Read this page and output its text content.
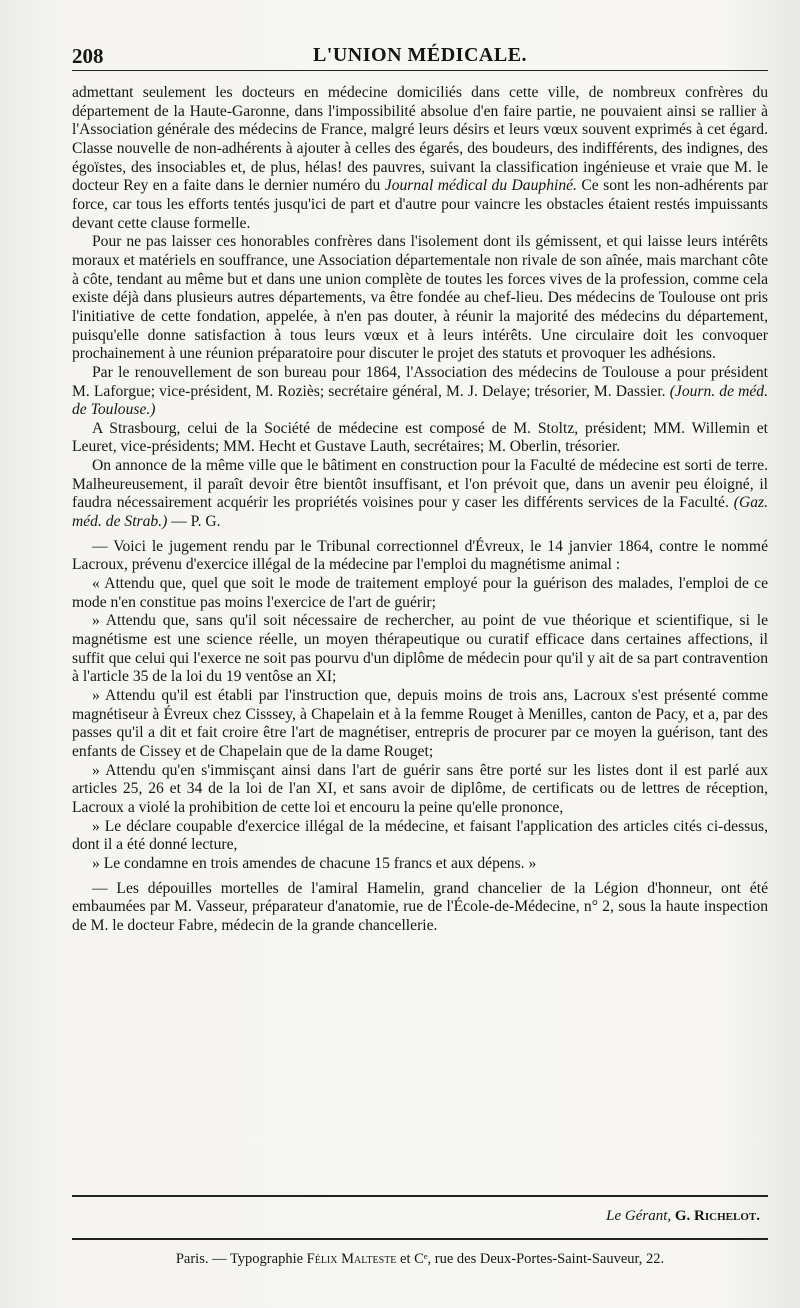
208	L'UNION MÉDICALE.

admettant seulement les docteurs en médecine domiciliés dans cette ville, de nombreux confrères du département de la Haute-Garonne, dans l'impossibilité absolue d'en faire partie, ne pouvaient ainsi se rallier à l'Association générale des médecins de France, malgré leurs désirs et leurs vœux souvent exprimés à cet égard. Classe nouvelle de non-adhérents à ajouter à celles des égarés, des boudeurs, des indifférents, des indignes, des égoïstes, des insociables et, de plus, hélas! des pauvres, suivant la classification ingénieuse et vraie que M. le docteur Rey en a faite dans le dernier numéro du Journal médical du Dauphiné. Ce sont les non-adhérents par force, car tous les efforts tentés jusqu'ici de part et d'autre pour vaincre les obstacles étaient restés impuissants devant cette clause formelle.

Pour ne pas laisser ces honorables confrères dans l'isolement dont ils gémissent, et qui laisse leurs intérêts moraux et matériels en souffrance, une Association départementale non rivale de son aînée, mais marchant côte à côte, tendant au même but et dans une union complète de toutes les forces vives de la profession, comme cela existe déjà dans plusieurs autres départements, va être fondée au chef-lieu. Des médecins de Toulouse ont pris l'initiative de cette fondation, appelée, à n'en pas douter, à réunir la majorité des médecins du département, puisqu'elle donne satisfaction à tous leurs vœux et à leurs intérêts. Une circulaire doit les convoquer prochainement à une réunion préparatoire pour discuter le projet des statuts et provoquer les adhésions.

Par le renouvellement de son bureau pour 1864, l'Association des médecins de Toulouse a pour président M. Laforgue; vice-président, M. Roziès; secrétaire général, M. J. Delaye; trésorier, M. Dassier. (Journ. de méd. de Toulouse.)

A Strasbourg, celui de la Société de médecine est composé de M. Stoltz, président; MM. Willemin et Leuret, vice-présidents; MM. Hecht et Gustave Lauth, secrétaires; M. Oberlin, trésorier.

On annonce de la même ville que le bâtiment en construction pour la Faculté de médecine est sorti de terre. Malheureusement, il paraît devoir être bientôt insuffisant, et l'on prévoit que, dans un avenir peu éloigné, il faudra nécessairement acquérir les propriétés voisines pour y caser les différents services de la Faculté. (Gaz. méd. de Strab.) — P. G.

— Voici le jugement rendu par le Tribunal correctionnel d'Évreux, le 14 janvier 1864, contre le nommé Lacroux, prévenu d'exercice illégal de la médecine par l'emploi du magnétisme animal :

« Attendu que, quel que soit le mode de traitement employé pour la guérison des malades, l'emploi de ce mode n'en constitue pas moins l'exercice de l'art de guérir;

» Attendu que, sans qu'il soit nécessaire de rechercher, au point de vue théorique et scientifique, si le magnétisme est une science réelle, un moyen thérapeutique ou curatif efficace dans certaines affections, il suffit que celui qui l'exerce ne soit pas pourvu d'un diplôme de médecin pour qu'il y ait de sa part contravention à l'article 35 de la loi du 19 ventôse an XI;

» Attendu qu'il est établi par l'instruction que, depuis moins de trois ans, Lacroux s'est présenté comme magnétiseur à Évreux chez Cisssey, à Chapelain et à la femme Rouget à Menilles, canton de Pacy, et a, par des passes qu'il a dit et fait croire être l'art de magnétiser, entrepris de procurer par ce moyen la guérison, tant des enfants de Cissey et de Chapelain que de la dame Rouget;

» Attendu qu'en s'immisçant ainsi dans l'art de guérir sans être porté sur les listes dont il est parlé aux articles 25, 26 et 34 de la loi de l'an XI, et sans avoir de diplôme, de certificats ou de lettres de réception, Lacroux a violé la prohibition de cette loi et encouru la peine qu'elle prononce,

» Le déclare coupable d'exercice illégal de la médecine, et faisant l'application des articles cités ci-dessus, dont il a été donné lecture,

» Le condamne en trois amendes de chacune 15 francs et aux dépens. »

— Les dépouilles mortelles de l'amiral Hamelin, grand chancelier de la Légion d'honneur, ont été embaumées par M. Vasseur, préparateur d'anatomie, rue de l'École-de-Médecine, n° 2, sous la haute inspection de M. le docteur Fabre, médecin de la grande chancellerie.

Le Gérant, G. Richelot.
Paris. — Typographie Félix Malteste et Cᵉ, rue des Deux-Portes-Saint-Sauveur, 22.
